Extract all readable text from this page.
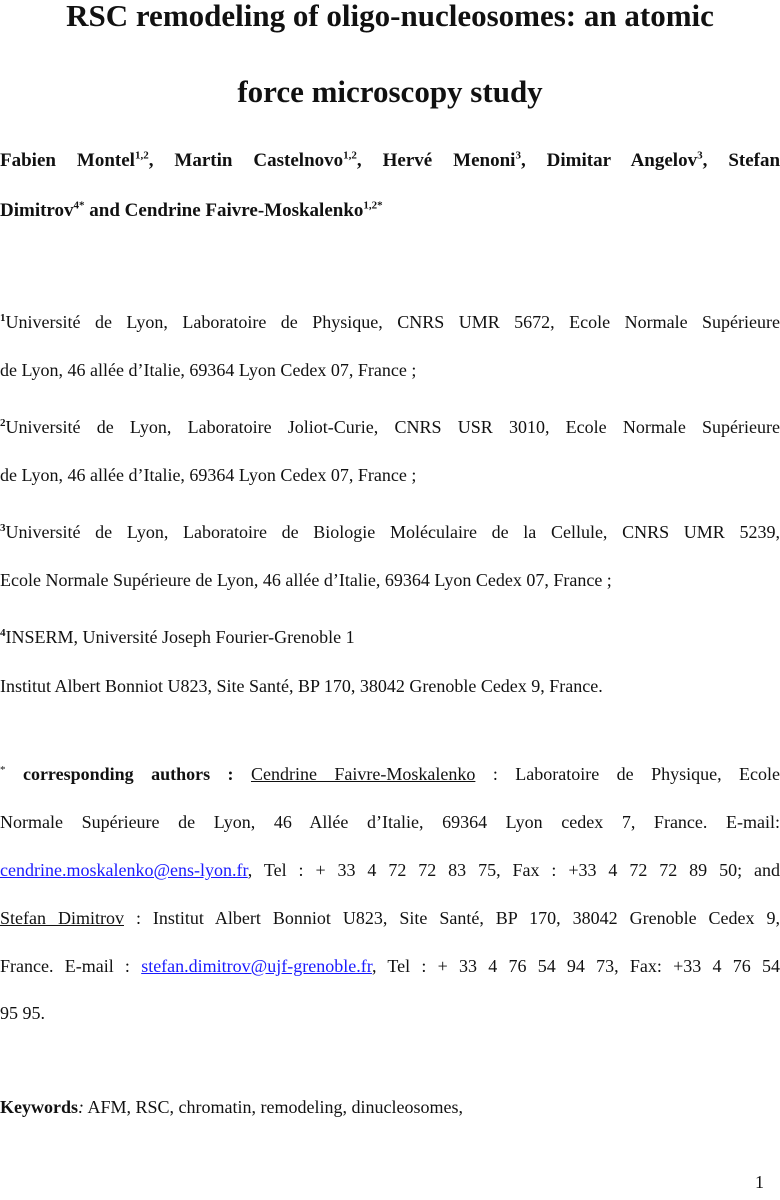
RSC remodeling of oligo-nucleosomes: an atomic
force microscopy study
Fabien Montel$^{1,2}$, Martin Castelnovo$^{1,2}$, Hervé Menoni$^3$, Dimitar Angelov$^3$, Stefan
Dimitrov$^{4*}$ and Cendrine Faivre-Moskalenko$^{1,2*}$
$^1$Université de Lyon, Laboratoire de Physique, CNRS UMR 5672, Ecole Normale Supérieure
de Lyon, 46 allée d’Italie, 69364 Lyon Cedex 07, France ;
$^2$Université de Lyon, Laboratoire Joliot-Curie, CNRS USR 3010, Ecole Normale Supérieure
de Lyon, 46 allée d’Italie, 69364 Lyon Cedex 07, France ;
$^3$Université de Lyon, Laboratoire de Biologie Moléculaire de la Cellule, CNRS UMR 5239,
Ecole Normale Supérieure de Lyon, 46 allée d’Italie, 69364 Lyon Cedex 07, France ;
$^4$INSERM, Université Joseph Fourier-Grenoble 1
Institut Albert Bonniot U823, Site Santé, BP 170, 38042 Grenoble Cedex 9, France.
* corresponding authors : Cendrine Faivre-Moskalenko : Laboratoire de Physique, Ecole
Normale Supérieure de Lyon, 46 Allée d’Italie, 69364 Lyon cedex 7, France. E-mail:
cendrine.moskalenko@ens-lyon.fr, Tel : + 33 4 72 72 83 75, Fax : +33 4 72 72 89 50; and
Stefan Dimitrov : Institut Albert Bonniot U823, Site Santé, BP 170, 38042 Grenoble Cedex 9,
France. E-mail : stefan.dimitrov@ujf-grenoble.fr, Tel : + 33 4 76 54 94 73, Fax: +33 4 76 54
95 95.
Keywords: AFM, RSC, chromatin, remodeling, dinucleosomes,
1
